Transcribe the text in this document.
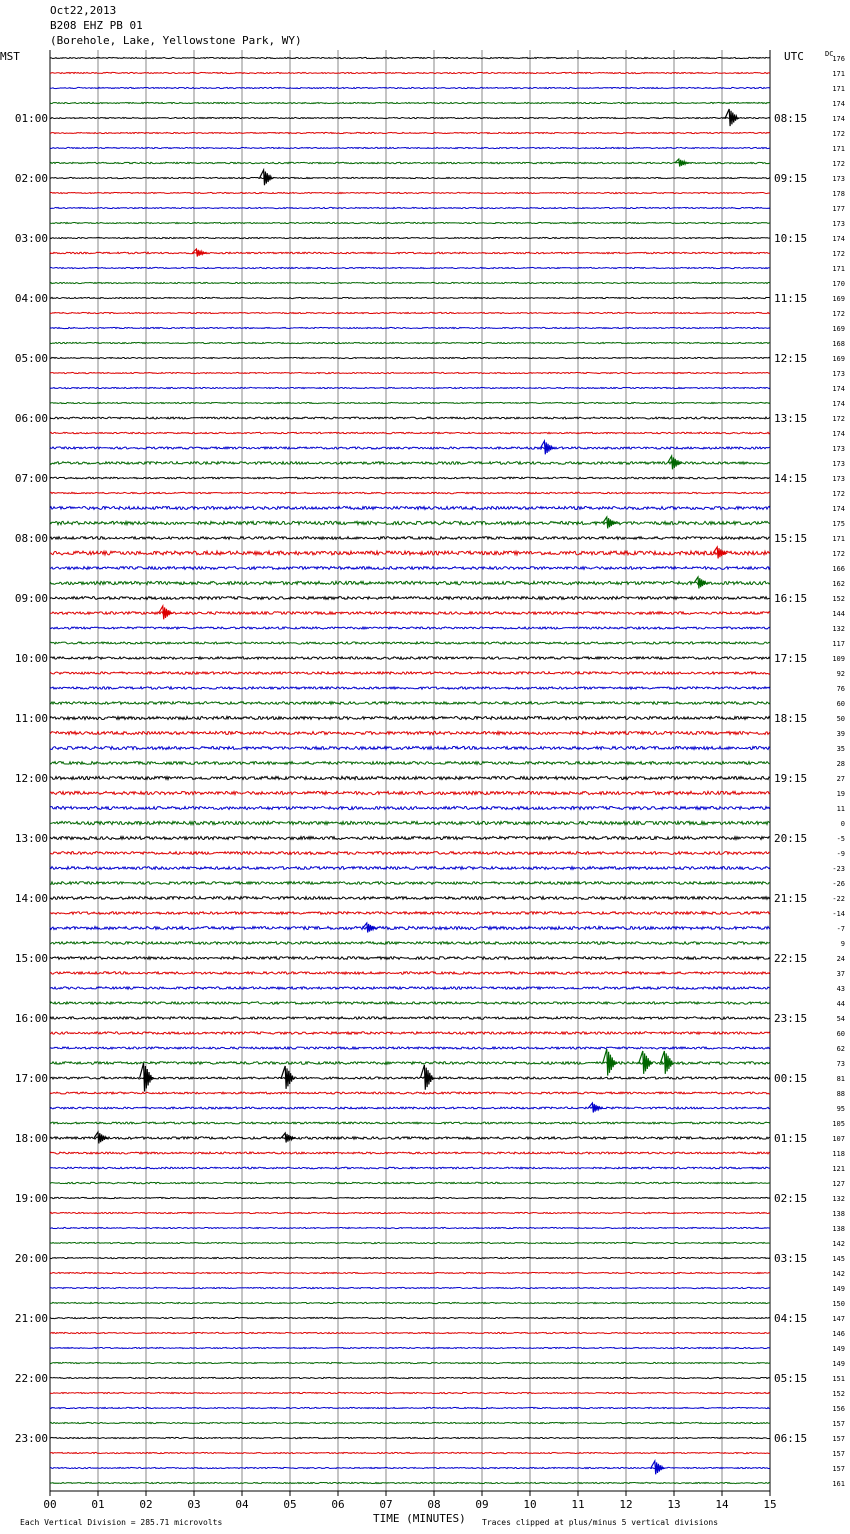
00	01	02	03	04	05	06	07	08	09	10	11	12	13	14	15
01:00
02:00
03:00
04:00
05:00
06:00
07:00
08:00
09:00
10:00
11:00
12:00
13:00
14:00
15:00
16:00
17:00
18:00
19:00
20:00
21:00
22:00
23:00
08:15
09:15
10:15
11:15
12:15
13:15
14:15
15:15
16:15
17:15
18:15
19:15
20:15
21:15
22:15
23:15
00:15
01:15
02:15
03:15
04:15
05:15
06:15
176
171
171
174
174
172
171
172
173
178
177
173
174
172
171
170
169
172
169
168
169
173
174
174
172
174
173
173
173
172
174
175
171
172
166
162
152
144
132
117
109
92
76
60
50
39
35
28
27
19
11
0
-5
-9
-23
-26
-22
-14
-7
9
24
37
43
44
54
60
62
73
81
88
95
105
107
118
121
127
132
138
138
142
145
142
149
150
147
146
149
149
151
152
156
157
157
157
157
161
Oct22,2013
B208 EHZ PB 01
(Borehole, Lake, Yellowstone Park, WY)
MST	UTC	DC
TIME (MINUTES)
Each Vertical Division = 285.71 microvolts	Traces clipped at plus/minus 5 vertical divisions
